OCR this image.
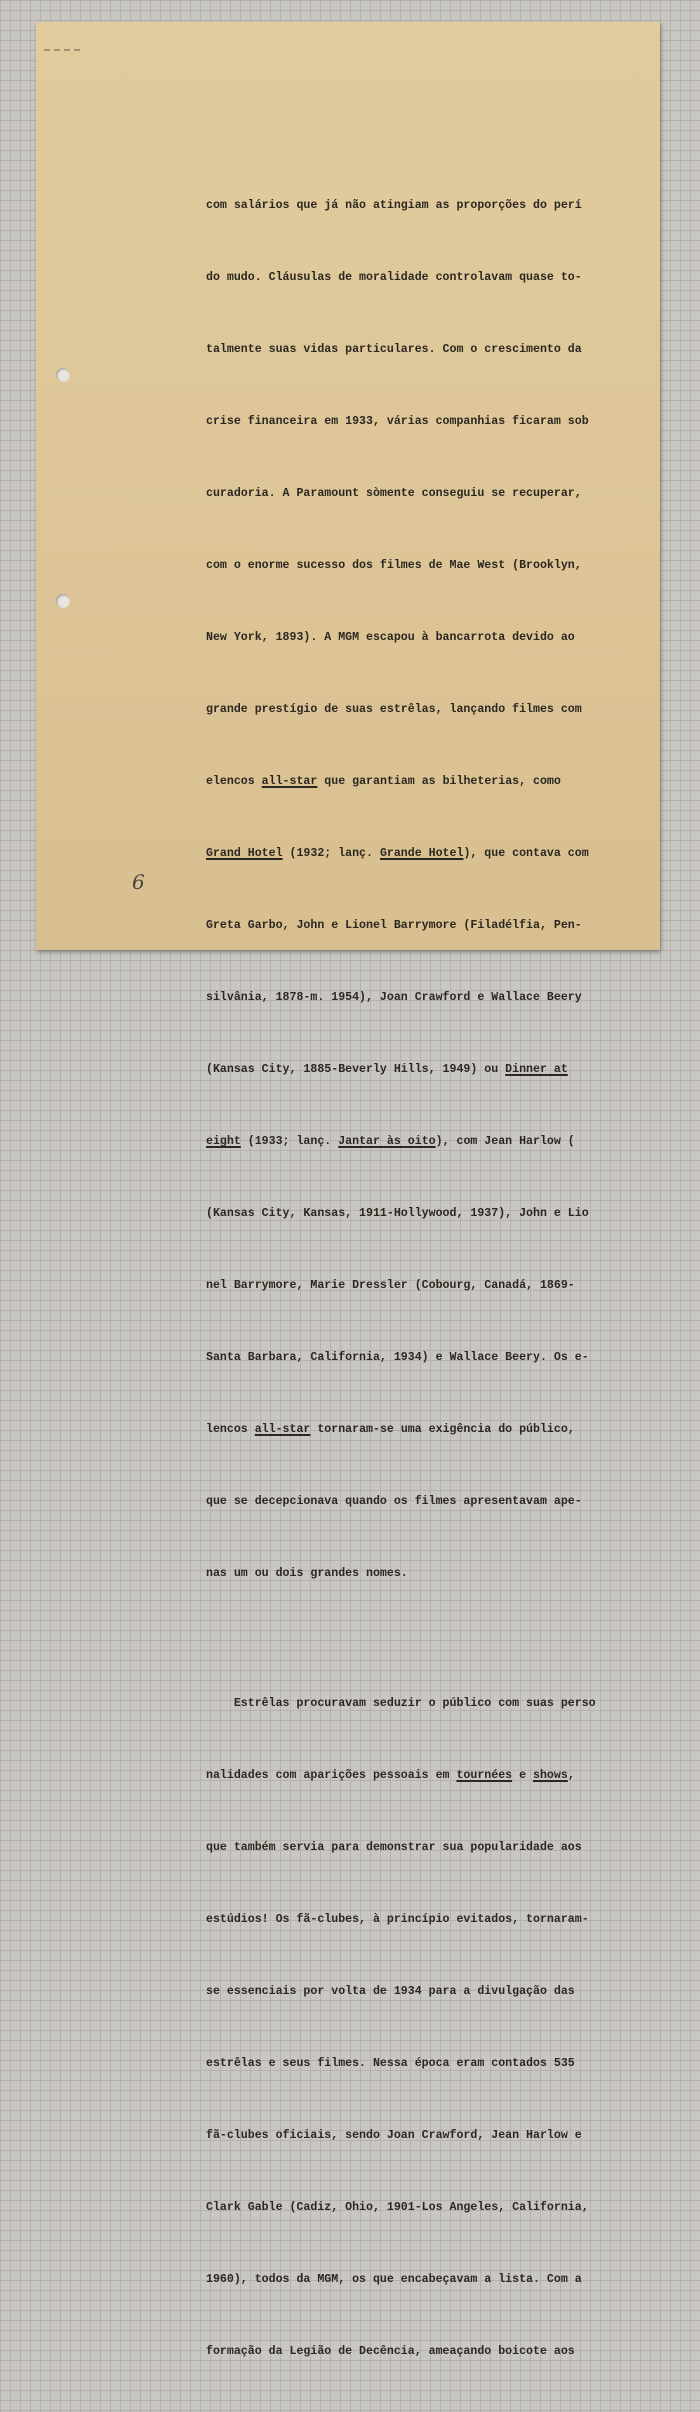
com salários que já não atingiam as proporções do perí

do mudo. Cláusulas de moralidade controlavam quase to-

talmente suas vidas particulares. Com o crescimento da

crise financeira em 1933, várias companhias ficaram sob

curadoria. A Paramount sòmente conseguiu se recuperar,

com o enorme sucesso dos filmes de Mae West (Brooklyn,

New York, 1893). A MGM escapou à bancarrota devido ao

grande prestígio de suas estrêlas, lançando filmes com

elencos all-star que garantiam as bilheterias, como

Grand Hotel (1932; lanç. Grande Hotel), que contava com

Greta Garbo, John e Lionel Barrymore (Filadélfia, Pen-

silvânia, 1878-m. 1954), Joan Crawford e Wallace Beery

(Kansas City, 1885-Beverly Hills, 1949) ou Dinner at

eight (1933; lanç. Jantar às oito), com Jean Harlow (

(Kansas City, Kansas, 1911-Hollywood, 1937), John e Lio

nel Barrymore, Marie Dressler (Cobourg, Canadá, 1869-

Santa Barbara, California, 1934) e Wallace Beery. Os e-

lencos all-star tornaram-se uma exigência do público,

que se decepcionava quando os filmes apresentavam ape-

nas um ou dois grandes nomes.

Estrêlas procuravam seduzir o público com suas perso

nalidades com aparições pessoais em tournées e shows,

que também servia para demonstrar sua popularidade aos

estúdios! Os fã-clubes, à princípio evitados, tornaram-

se essenciais por volta de 1934 para a divulgação das

estrêlas e seus filmes. Nessa época eram contados 535

fã-clubes oficiais, sendo Joan Crawford, Jean Harlow e

Clark Gable (Cadiz, Ohio, 1901-Los Angeles, California,

1960), todos da MGM, os que encabeçavam a lista. Com a

formação da Legião de Decência, ameaçando boicote aos

6
